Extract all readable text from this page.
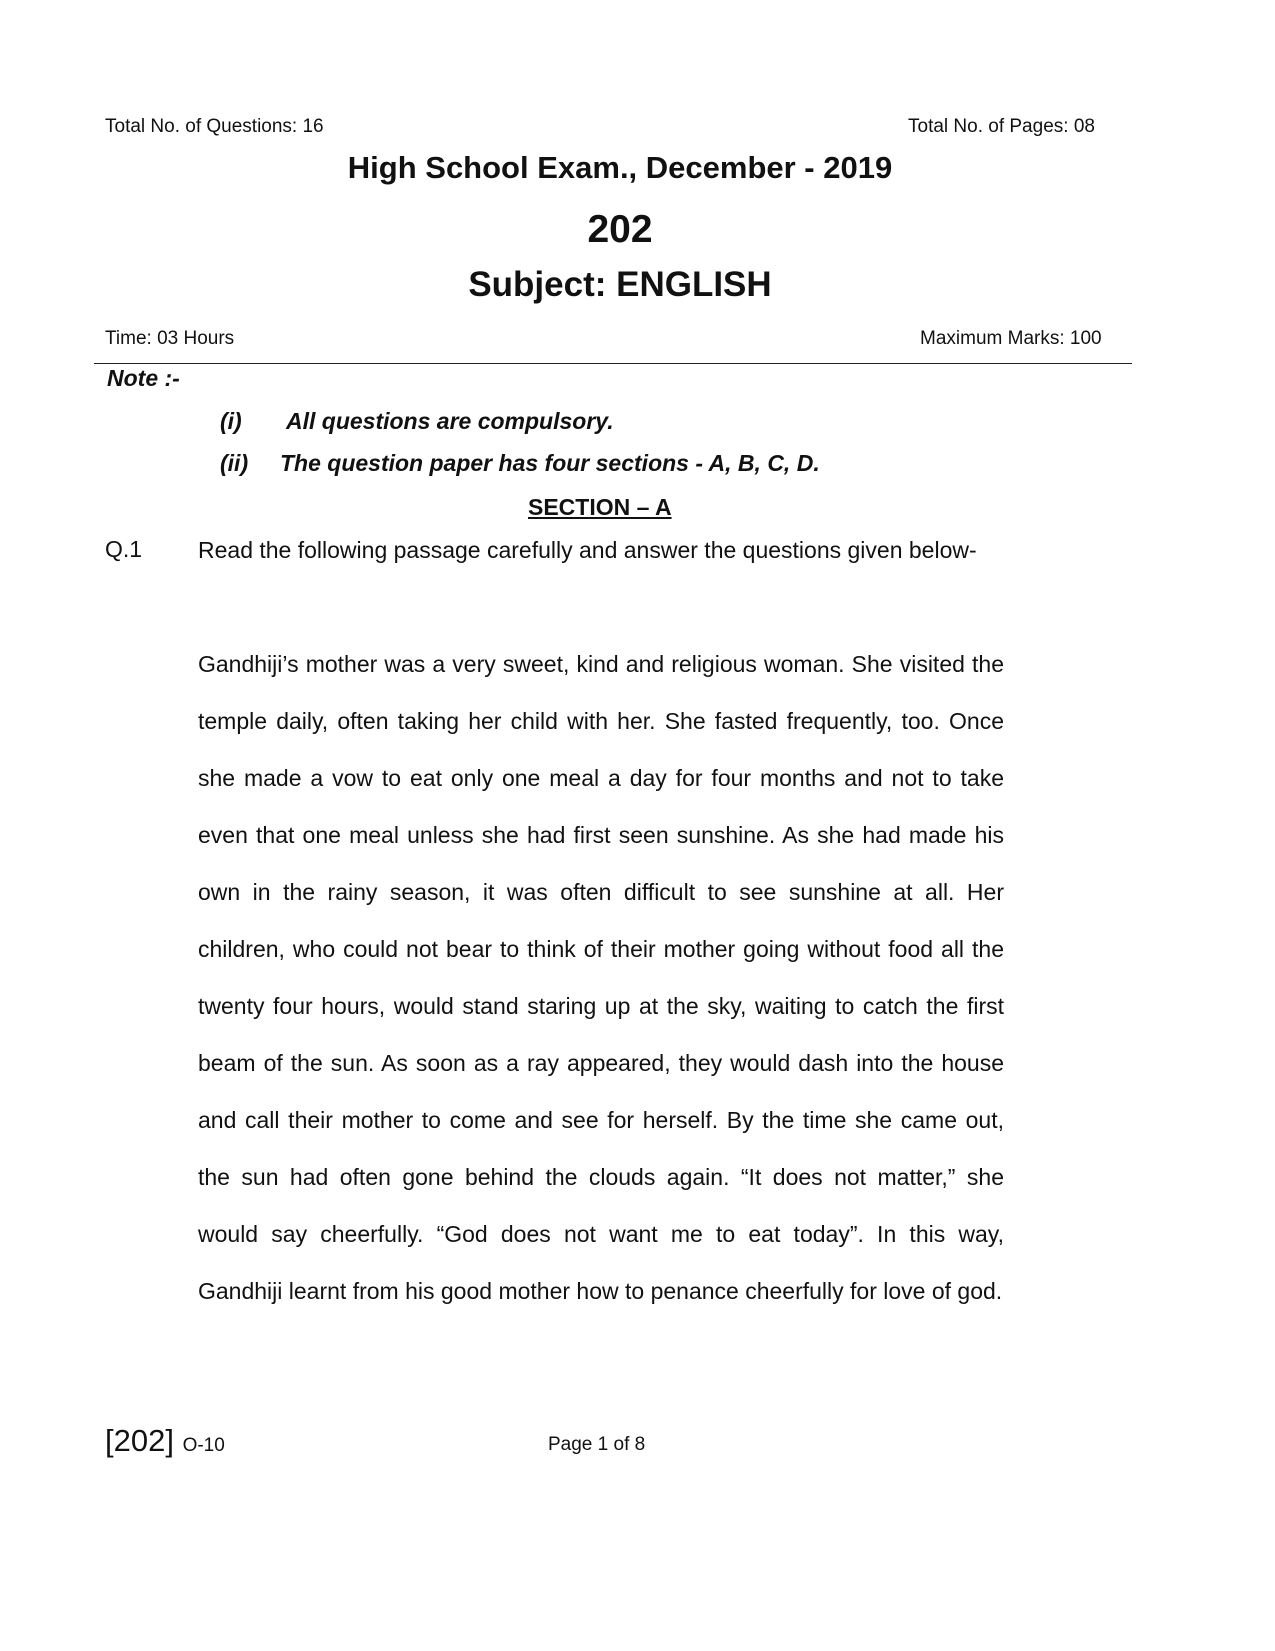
Total No. of Questions: 16	Total No. of Pages: 08
High School Exam., December - 2019
202
Subject: ENGLISH
Time: 03 Hours	Maximum Marks: 100
Note :-
(i) All questions are compulsory.
(ii) The question paper has four sections - A, B, C, D.
SECTION – A
Q.1 Read the following passage carefully and answer the questions given below-
Gandhiji’s mother was a very sweet, kind and religious woman. She visited the temple daily, often taking her child with her. She fasted frequently, too. Once she made a vow to eat only one meal a day for four months and not to take even that one meal unless she had first seen sunshine. As she had made his own in the rainy season, it was often difficult to see sunshine at all. Her children, who could not bear to think of their mother going without food all the twenty four hours, would stand staring up at the sky, waiting to catch the first beam of the sun. As soon as a ray appeared, they would dash into the house and call their mother to come and see for herself. By the time she came out, the sun had often gone behind the clouds again. “It does not matter,” she would say cheerfully. “God does not want me to eat today”. In this way, Gandhiji learnt from his good mother how to penance cheerfully for love of god.
[202] O-10	Page 1 of 8
